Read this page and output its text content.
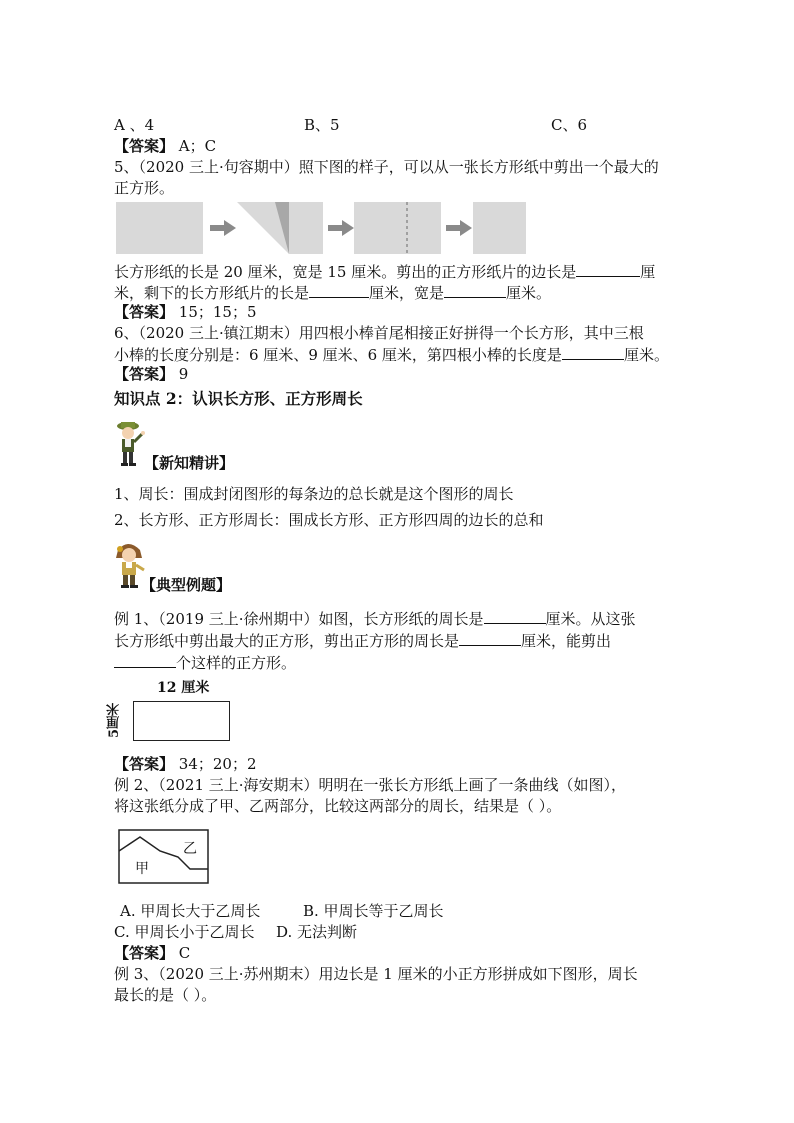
A 、4	B、5	C、6
【答案】 A；C
5、（2020 三上·句容期中）照下图的样子，可以从一张长方形纸中剪出一个最大的
正方形。
长方形纸的长是 20 厘米，宽是 15 厘米。剪出的正方形纸片的边长是	厘
米，剩下的长方形纸片的长是	厘米，宽是	厘米。
【答案】 15；15；5
6、（2020 三上·镇江期末）用四根小棒首尾相接正好拼得一个长方形，其中三根
小棒的长度分别是：6 厘米、9 厘米、6 厘米，第四根小棒的长度是	厘米。
【答案】 9
知识点 2：认识长方形、正方形周长
【新知精讲】
1、周长：围成封闭图形的每条边的总长就是这个图形的周长
2、长方形、正方形周长：围成长方形、正方形四周的边长的总和
【典型例题】
例 1、（2019 三上·徐州期中）如图，长方形纸的周长是	厘米。从这张
长方形纸中剪出最大的正方形，剪出正方形的周长是	厘米，能剪出
个这样的正方形。
12 厘米
5厘米
【答案】 34；20；2
例 2、（2021 三上·海安期末）明明在一张长方形纸上画了一条曲线（如图），
将这张纸分成了甲、乙两部分，比较这两部分的周长，结果是（ ）。
甲
乙
A. 甲周长大于乙周长	B. 甲周长等于乙周长
C. 甲周长小于乙周长 D. 无法判断
【答案】 C
例 3、（2020 三上·苏州期末）用边长是 1 厘米的小正方形拼成如下图形，周长
最长的是（ ）。
